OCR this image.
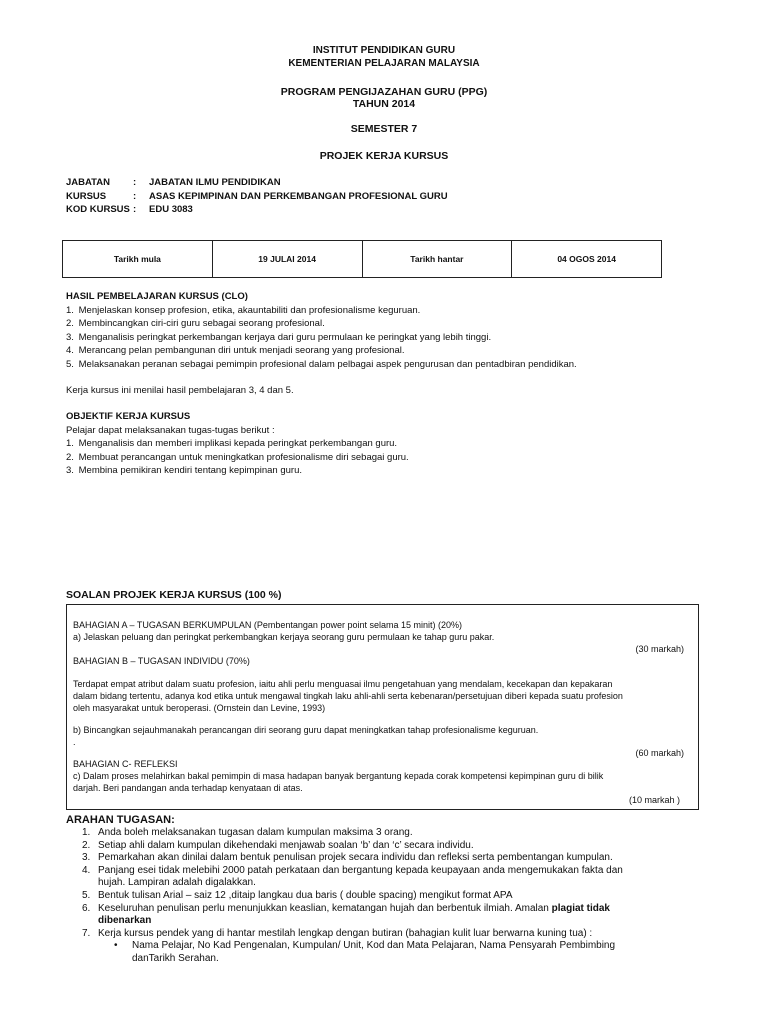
INSTITUT PENDIDIKAN GURU
KEMENTERIAN PELAJARAN MALAYSIA
PROGRAM PENGIJAZAHAN GURU (PPG)
TAHUN 2014
SEMESTER 7
PROJEK KERJA KURSUS
JABATAN	:	JABATAN ILMU PENDIDIKAN
KURSUS	:	ASAS KEPIMPINAN DAN PERKEMBANGAN PROFESIONAL GURU
KOD KURSUS :	EDU 3083
Tarikh mula	19 JULAI 2014	Tarikh hantar	04 OGOS 2014
HASIL PEMBELAJARAN KURSUS (CLO)
1.
Menjelaskan konsep profesion, etika, akauntabiliti dan profesionalisme keguruan.
2.
Membincangkan ciri-ciri guru sebagai seorang profesional.
3.
Menganalisis peringkat perkembangan kerjaya dari guru permulaan ke peringkat yang lebih tinggi.
4.
Merancang pelan pembangunan diri untuk menjadi seorang yang profesional.
5.
Melaksanakan peranan sebagai pemimpin profesional dalam pelbagai aspek pengurusan dan pentadbiran pendidikan.
Kerja kursus ini menilai hasil pembelajaran 3, 4 dan 5.
OBJEKTIF KERJA KURSUS
Pelajar dapat melaksanakan tugas-tugas berikut :
1.
Menganalisis dan memberi implikasi kepada peringkat perkembangan guru.
2.
Membuat perancangan untuk meningkatkan profesionalisme diri sebagai guru.
3.
Membina pemikiran kendiri tentang kepimpinan guru.
SOALAN PROJEK KERJA KURSUS (100 %)
BAHAGIAN A – TUGASAN BERKUMPULAN (Pembentangan power point selama 15 minit) (20%)
a) Jelaskan peluang dan peringkat perkembangkan kerjaya seorang guru permulaan ke tahap guru pakar.
(30 markah)
BAHAGIAN B – TUGASAN INDIVIDU (70%)
Terdapat empat atribut dalam suatu profesion, iaitu ahli perlu menguasai ilmu pengetahuan yang mendalam, kecekapan dan kepakaran
dalam bidang tertentu, adanya kod etika untuk mengawal tingkah laku ahli-ahli serta kebenaran/persetujuan diberi kepada suatu profesion
oleh masyarakat untuk beroperasi. (Ornstein dan Levine, 1993)
b) Bincangkan sejauhmanakah perancangan diri seorang guru dapat meningkatkan tahap profesionalisme keguruan.
.
(60 markah)
BAHAGIAN C- REFLEKSI
c) Dalam proses melahirkan bakal pemimpin di masa hadapan banyak bergantung kepada corak kompetensi kepimpinan guru di bilik
darjah. Beri pandangan anda terhadap kenyataan di atas.
(10 markah )
ARAHAN TUGASAN:
1. Anda boleh melaksanakan tugasan dalam kumpulan maksima 3 orang.
2. Setiap ahli dalam kumpulan dikehendaki menjawab soalan ‘b’ dan ‘c’ secara individu.
3. Pemarkahan akan dinilai dalam bentuk penulisan projek secara individu dan refleksi serta pembentangan kumpulan.
4. Panjang esei tidak melebihi 2000 patah perkataan dan bergantung kepada keupayaan anda mengemukakan fakta dan
hujah. Lampiran adalah digalakkan.
5. Bentuk tulisan Arial – saiz 12 ,ditaip langkau dua baris ( double spacing) mengikut format APA
6. Keseluruhan penulisan perlu menunjukkan keaslian, kematangan hujah dan berbentuk ilmiah. Amalan plagiat tidak
dibenarkan
7. Kerja kursus pendek yang di hantar mestilah lengkap dengan butiran (bahagian kulit luar berwarna kuning tua) :
•	Nama Pelajar, No Kad Pengenalan, Kumpulan/ Unit, Kod dan Mata Pelajaran, Nama Pensyarah Pembimbing
danTarikh Serahan.
